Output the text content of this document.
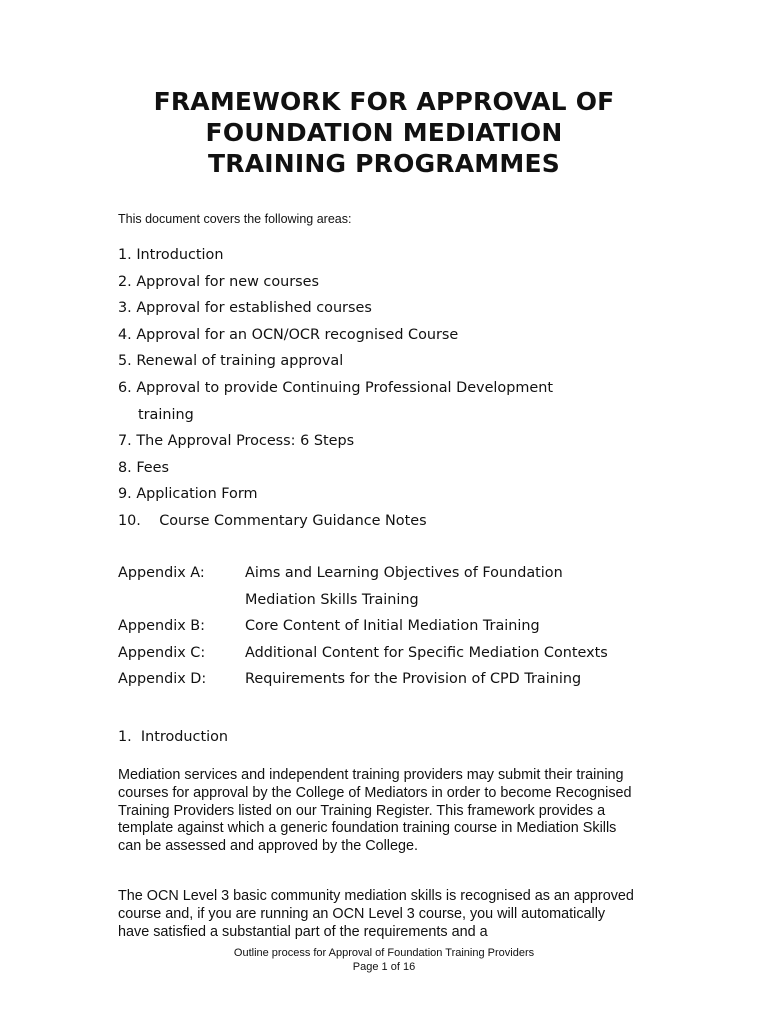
FRAMEWORK FOR APPROVAL OF
FOUNDATION MEDIATION
TRAINING PROGRAMMES
This document covers the following areas:
1. Introduction
2. Approval for new courses
3. Approval for established courses
4. Approval for an OCN/OCR recognised Course
5. Renewal of training approval
6. Approval to provide Continuing Professional Development
training
7. The Approval Process: 6 Steps
8. Fees
9. Application Form
10. Course Commentary Guidance Notes
Appendix A:	Aims and Learning Objectives of Foundation Mediation Skills Training
Appendix B:	Core Content of Initial Mediation Training
Appendix C:	Additional Content for Specific Mediation Contexts
Appendix D:	Requirements for the Provision of CPD Training
1.  Introduction
Mediation services and independent training providers may submit their training courses for approval by the College of Mediators in order to become Recognised Training Providers listed on our Training Register. This framework provides a template against which a generic foundation training course in Mediation Skills can be assessed and approved by the College.
The OCN Level 3 basic community mediation skills is recognised as an approved course and, if you are running an OCN Level 3 course, you will automatically have satisfied a substantial part of the requirements and a
Outline process for Approval of Foundation Training Providers
Page 1 of 16
